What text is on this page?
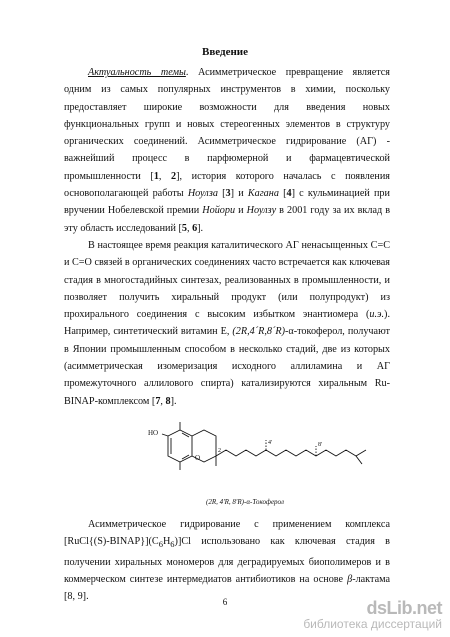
Введение

Актуальность темы. Асимметрическое превращение является одним из самых популярных инструментов в химии, поскольку предоставляет широкие возможности для введения новых функциональных групп и новых стереогенных элементов в структуру органических соединений. Асимметрическое гидрирование (АГ) - важнейший процесс в парфюмерной и фармацевтической промышленности [1, 2], история которого началась с появления основополагающей работы Ноулза [3] и Кагана [4] с кульминацией при вручении Нобелевской премии Нойори и Ноулзу в 2001 году за их вклад в эту область исследований [5, 6].

В настоящее время реакция каталитического АГ ненасыщенных С=С и С=О связей в органических соединениях часто встречается как ключевая стадия в многостадийных синтезах, реализованных в промышленности, и позволяет получить хиральный продукт (или полупродукт) из прохирального соединения с высоким избытком энантиомера (и.э.). Например, синтетический витамин Е, (2R,4´R,8´R)-α-токоферол, получают в Японии промышленным способом в несколько стадий, две из которых (асимметрическая изомеризация исходного аллиламина и АГ промежуточного аллилового спирта) катализируются хиральным Ru-BINAP-комплексом [7, 8].

HO
O
2
4'	8'
(2R, 4'R, 8'R)-α-Токоферол

Асимметрическое гидрирование с применением комплекса $[RuCl\{(S)-BINAP\}](C_6H_6)]Cl$ использовано как ключевая стадия в получении хиральных мономеров для деградируемых биополимеров и в коммерческом синтезе интермедиатов антибиотиков на основе β-лактама [8, 9].	6	dsLib.net
библиотека диссертаций
